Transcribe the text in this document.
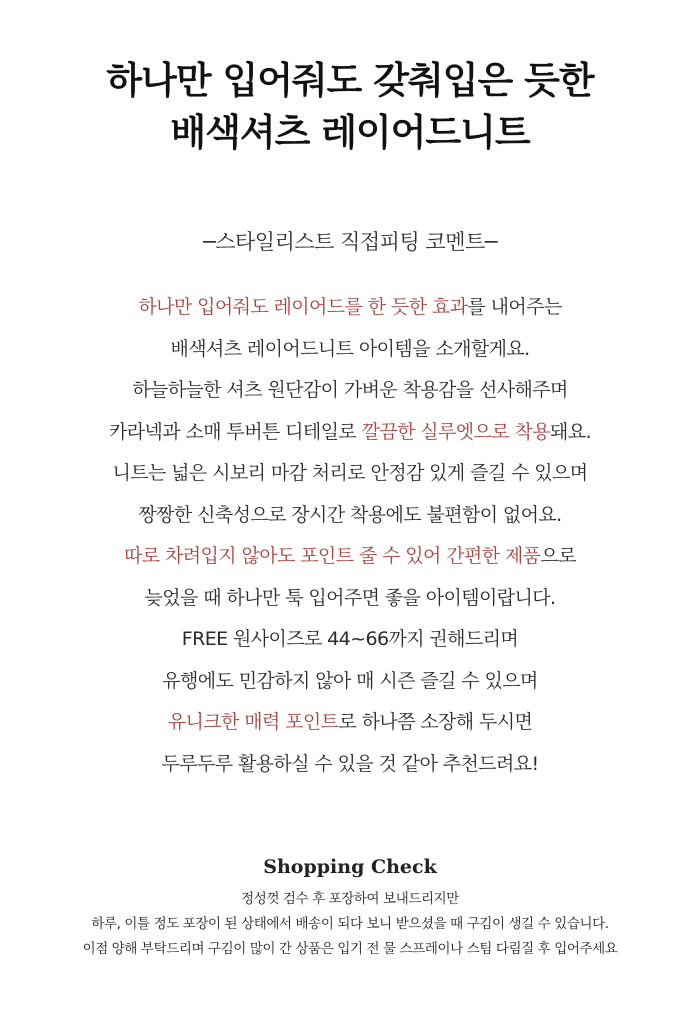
하나만 입어줘도 갖춰입은 듯한
배색셔츠 레이어드니트
─스타일리스트 직접피팅 코멘트─
하나만 입어줘도 레이어드를 한 듯한 효과를 내어주는
배색셔츠 레이어드니트 아이템을 소개할게요.
하늘하늘한 셔츠 원단감이 가벼운 착용감을 선사해주며
카라넥과 소매 투버튼 디테일로 깔끔한 실루엣으로 착용돼요.
니트는 넓은 시보리 마감 처리로 안정감 있게 즐길 수 있으며
짱짱한 신축성으로 장시간 착용에도 불편함이 없어요.
따로 차려입지 않아도 포인트 줄 수 있어 간편한 제품으로
늦었을 때 하나만 툭 입어주면 좋을 아이템이랍니다.
FREE 원사이즈로 44~66까지 권해드리며
유행에도 민감하지 않아 매 시즌 즐길 수 있으며
유니크한 매력 포인트로 하나쯤 소장해 두시면
두루두루 활용하실 수 있을 것 같아 추천드려요!
Shopping Check
정성껏 검수 후 포장하여 보내드리지만
하루, 이틀 정도 포장이 된 상태에서 배송이 되다 보니 받으셨을 때 구김이 생길 수 있습니다.
이점 양해 부탁드리며 구김이 많이 간 상품은 입기 전 물 스프레이나 스팀 다림질 후 입어주세요
